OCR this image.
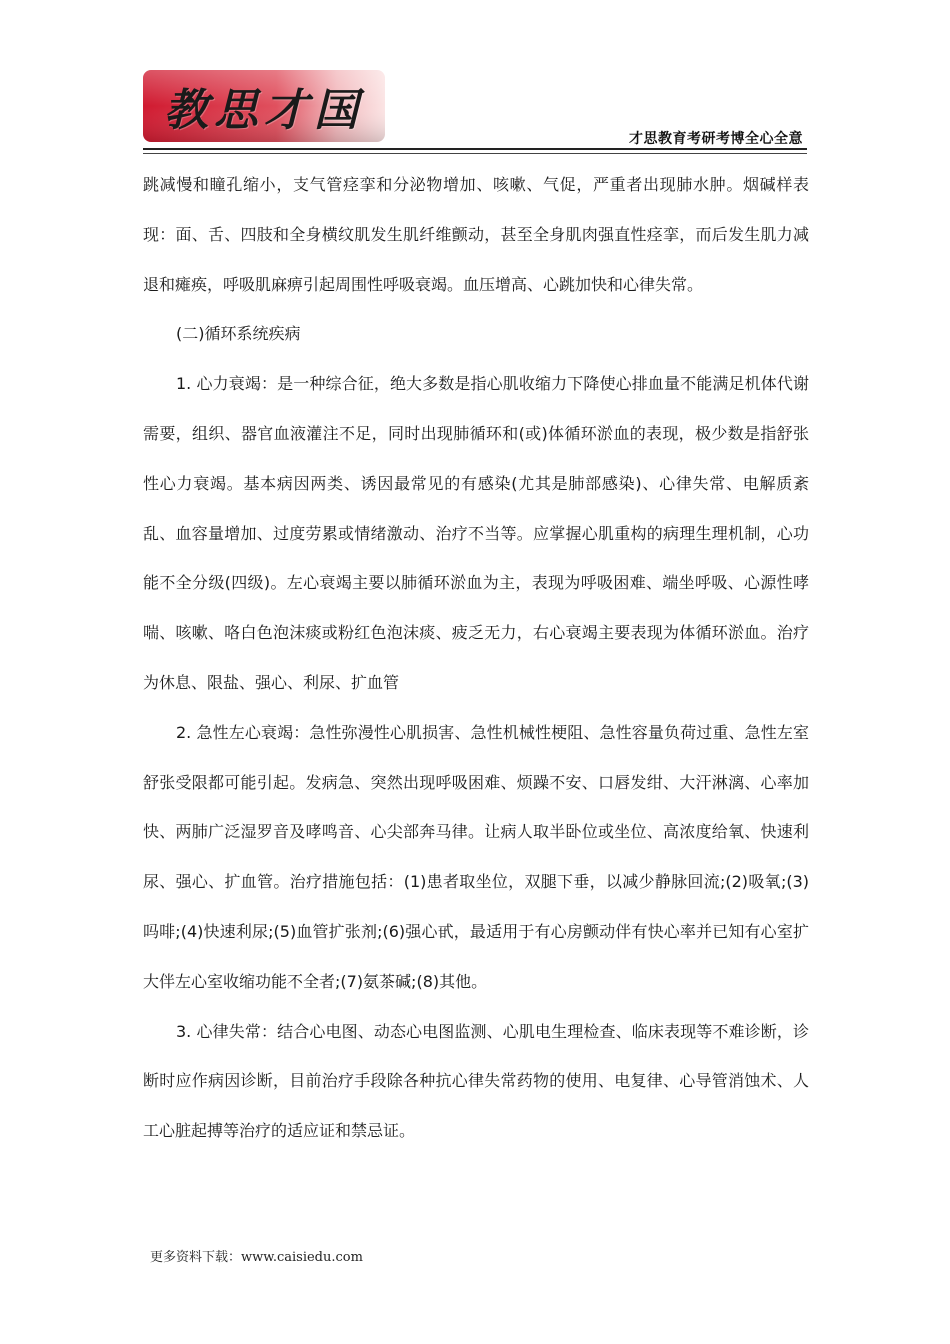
教思才国
才思教育考研考博全心全意

跳减慢和瞳孔缩小，支气管痉挛和分泌物增加、咳嗽、气促，严重者出现肺水肿。烟碱样表现：面、舌、四肢和全身横纹肌发生肌纤维颤动，甚至全身肌肉强直性痉挛，而后发生肌力减退和瘫痪，呼吸肌麻痹引起周围性呼吸衰竭。血压增高、心跳加快和心律失常。

(二)循环系统疾病

1. 心力衰竭：是一种综合征，绝大多数是指心肌收缩力下降使心排血量不能满足机体代谢需要，组织、器官血液灌注不足，同时出现肺循环和(或)体循环淤血的表现，极少数是指舒张性心力衰竭。基本病因两类、诱因最常见的有感染(尤其是肺部感染)、心律失常、电解质紊乱、血容量增加、过度劳累或情绪激动、治疗不当等。应掌握心肌重构的病理生理机制，心功能不全分级(四级)。左心衰竭主要以肺循环淤血为主，表现为呼吸困难、端坐呼吸、心源性哮喘、咳嗽、咯白色泡沫痰或粉红色泡沫痰、疲乏无力，右心衰竭主要表现为体循环淤血。治疗为休息、限盐、强心、利尿、扩血管

2. 急性左心衰竭：急性弥漫性心肌损害、急性机械性梗阻、急性容量负荷过重、急性左室舒张受限都可能引起。发病急、突然出现呼吸困难、烦躁不安、口唇发绀、大汗淋漓、心率加快、两肺广泛湿罗音及哮鸣音、心尖部奔马律。让病人取半卧位或坐位、高浓度给氧、快速利尿、强心、扩血管。治疗措施包括：(1)患者取坐位，双腿下垂，以减少静脉回流;(2)吸氧;(3)吗啡;(4)快速利尿;(5)血管扩张剂;(6)强心甙，最适用于有心房颤动伴有快心率并已知有心室扩大伴左心室收缩功能不全者;(7)氨茶碱;(8)其他。

3. 心律失常：结合心电图、动态心电图监测、心肌电生理检查、临床表现等不难诊断，诊断时应作病因诊断，目前治疗手段除各种抗心律失常药物的使用、电复律、心导管消蚀术、人工心脏起搏等治疗的适应证和禁忌证。

更多资料下载：www.caisiedu.com
